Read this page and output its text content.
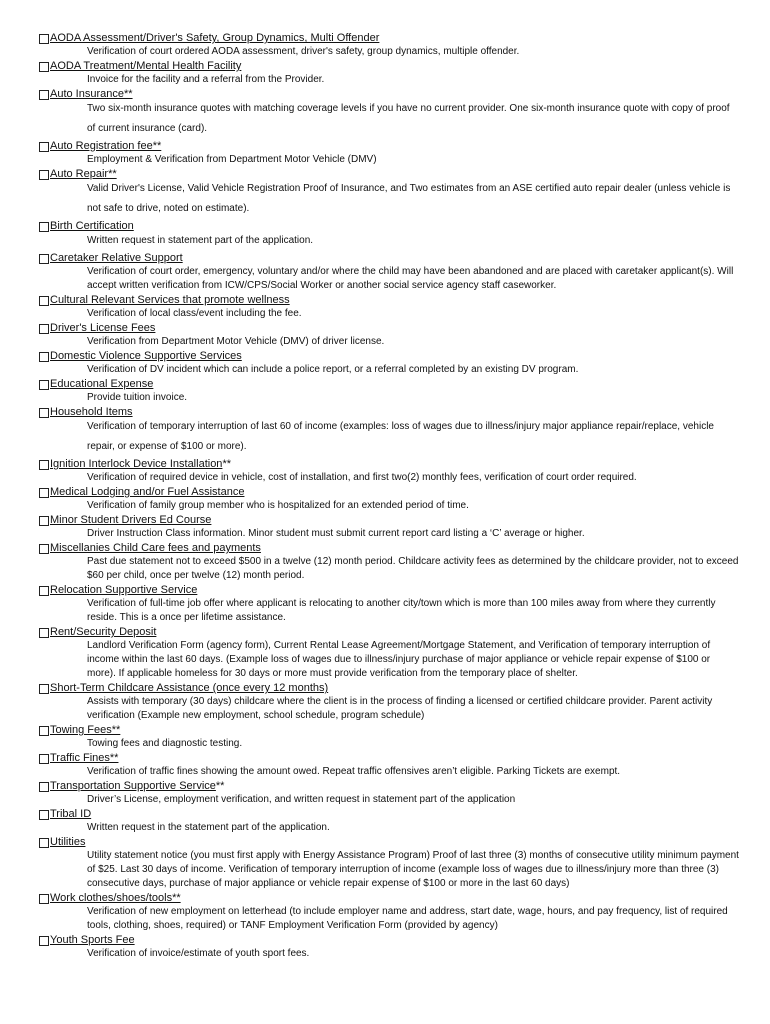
AODA Assessment/Driver's Safety, Group Dynamics, Multi Offender
Verification of court ordered AODA assessment, driver's safety, group dynamics, multiple offender.
AODA Treatment/Mental Health Facility
Invoice for the facility and a referral from the Provider.
Auto Insurance**
Two six-month insurance quotes with matching coverage levels if you have no current provider. One six-month insurance quote with copy of proof of current insurance (card).
Auto Registration fee**
Employment & Verification from Department Motor Vehicle (DMV)
Auto Repair**
Valid Driver's License, Valid Vehicle Registration Proof of Insurance, and Two estimates from an ASE certified auto repair dealer (unless vehicle is not safe to drive, noted on estimate).
Birth Certification
Written request in statement part of the application.
Caretaker Relative Support
Verification of court order, emergency, voluntary and/or where the child may have been abandoned and are placed with caretaker applicant(s). Will accept written verification from ICW/CPS/Social Worker or another social service agency staff caseworker.
Cultural Relevant Services that promote wellness
Verification of local class/event including the fee.
Driver's License Fees
Verification from Department Motor Vehicle (DMV) of driver license.
Domestic Violence Supportive Services
Verification of DV incident which can include a police report, or a referral completed by an existing DV program.
Educational Expense
Provide tuition invoice.
Household Items
Verification of temporary interruption of last 60 of income (examples: loss of wages due to illness/injury major appliance repair/replace, vehicle repair, or expense of $100 or more).
Ignition Interlock Device Installation **
Verification of required device in vehicle, cost of installation, and first two(2) monthly fees, verification of court order required.
Medical Lodging and/or Fuel Assistance
Verification of family group member who is hospitalized for an extended period of time.
Minor Student Drivers Ed Course
Driver Instruction Class information. Minor student must submit current report card listing a ‘C’ average or higher.
Miscellanies Child Care fees and payments
Past due statement not to exceed $500 in a twelve (12) month period. Childcare activity fees as determined by the childcare provider, not to exceed $60 per child, once per twelve (12) month period.
Relocation Supportive Service
Verification of full-time job offer where applicant is relocating to another city/town which is more than 100 miles away from where they currently reside. This is a once per lifetime assistance.
Rent/Security Deposit
Landlord Verification Form (agency form), Current Rental Lease Agreement/Mortgage Statement, and Verification of temporary interruption of income within the last 60 days. (Example loss of wages due to illness/injury purchase of major appliance or vehicle repair expense of $100 or more). If applicable homeless for 30 days or more must provide verification from the temporary place of shelter.
Short-Term Childcare Assistance (once every 12 months)
Assists with temporary (30 days) childcare where the client is in the process of finding a licensed or certified childcare provider. Parent activity verification (Example new employment, school schedule, program schedule)
Towing Fees**
Towing fees and diagnostic testing.
Traffic Fines**
Verification of traffic fines showing the amount owed. Repeat traffic offensives aren’t eligible. Parking Tickets are exempt.
Transportation Supportive Service **
Driver’s License, employment verification, and written request in statement part of the application
Tribal ID
Written request in the statement part of the application.
Utilities
Utility statement notice (you must first apply with Energy Assistance Program) Proof of last three (3) months of consecutive utility minimum payment of $25. Last 30 days of income. Verification of temporary interruption of income (example loss of wages due to illness/injury more than three (3) consecutive days, purchase of major appliance or vehicle repair expense of $100 or more in the last 60 days)
Work clothes/shoes/tools**
Verification of new employment on letterhead (to include employer name and address, start date, wage, hours, and pay frequency, list of required tools, clothing, shoes, required) or TANF Employment Verification Form (provided by agency)
Youth Sports Fee
Verification of invoice/estimate of youth sport fees.
